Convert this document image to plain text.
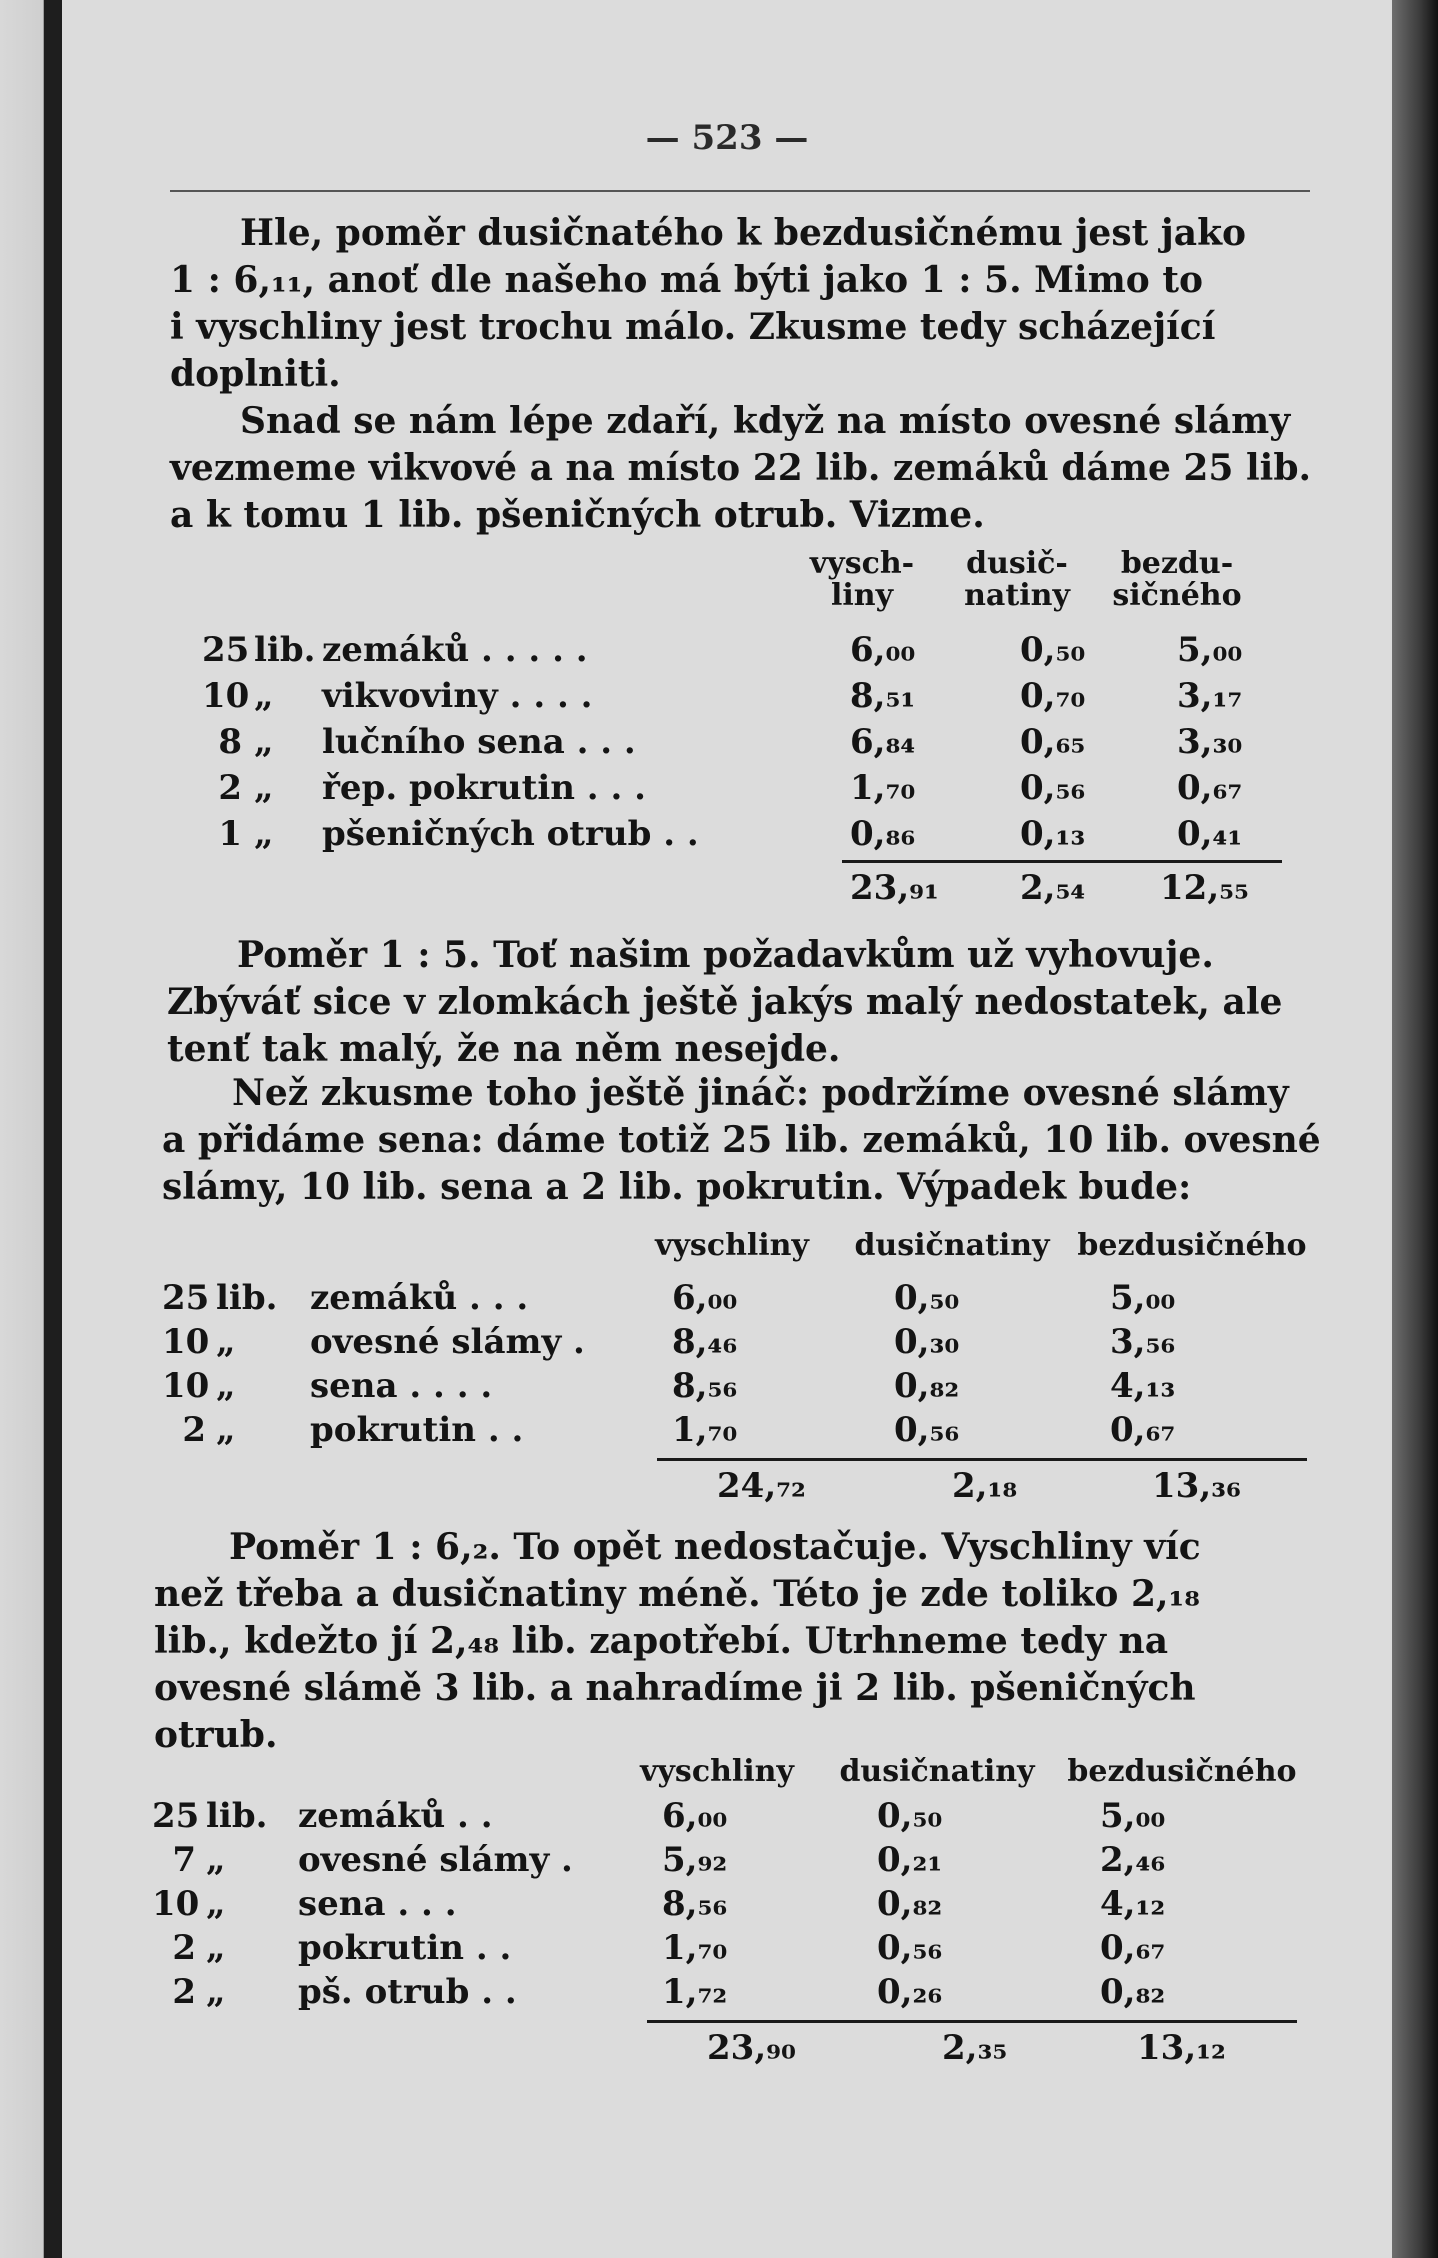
— 523 —
Hle, poměr dusičnatého k bezdusičnému jest jako
1 : 6,₁₁, anoť dle našeho má býti jako 1 : 5. Mimo to
i vyschliny jest trochu málo. Zkusme tedy scházející
doplniti.
Snad se nám lépe zdaří, když na místo ovesné slámy
vezmeme vikvové a na místo 22 lib. zemáků dáme 25 lib.
a k tomu 1 lib. pšeničných otrub. Vizme.
vysch-
liny
dusič-
natiny
bezdu-
sičného
25 lib. zemáků . . . . .	6,₀₀	0,₅₀	5,₀₀
10 „ vikvoviny . . . .	8,₅₁	0,₇₀	3,₁₇
8 „ lučního sena . . .	6,₈₄	0,₆₅	3,₃₀
2 „ řep. pokrutin . . .	1,₇₀	0,₅₆	0,₆₇
1 „ pšeničných otrub . .	0,₈₆	0,₁₃	0,₄₁
23,₉₁ 2,₅₄ 12,₅₅
Poměr 1 : 5. Toť našim požadavkům už vyhovuje.
Zbýváť sice v zlomkách ještě jakýs malý nedostatek, ale
tenť tak malý, že na něm nesejde.
Než zkusme toho ještě jináč: podržíme ovesné slámy
a přidáme sena: dáme totiž 25 lib. zemáků, 10 lib. ovesné
slámy, 10 lib. sena a 2 lib. pokrutin. Výpadek bude:
vyschliny	dusičnatiny bezdusičného
25 lib. zemáků . . .	6,₀₀	0,₅₀	5,₀₀
10 „ ovesné slámy .	8,₄₆	0,₃₀	3,₅₆
10 „ sena . . . .	8,₅₆	0,₈₂	4,₁₃
2 „ pokrutin . .	1,₇₀	0,₅₆	0,₆₇
24,₇₂	2,₁₈	13,₃₆
Poměr 1 : 6,₂. To opět nedostačuje. Vyschliny víc
než třeba a dusičnatiny méně. Této je zde toliko 2,₁₈
lib., kdežto jí 2,₄₈ lib. zapotřebí. Utrhneme tedy na
ovesné slámě 3 lib. a nahradíme ji 2 lib. pšeničných
otrub.
vyschliny	dusičnatiny	bezdusičného
25 lib. zemáků . .	6,₀₀	0,₅₀	5,₀₀
7 „ ovesné slámy .	5,₉₂	0,₂₁	2,₄₆
10 „ sena . . .	8,₅₆	0,₈₂	4,₁₂
2 „ pokrutin . .	1,₇₀	0,₅₆	0,₆₇
2 „ pš. otrub . .	1,₇₂	0,₂₆	0,₈₂
23,₉₀	2,₃₅	13,₁₂
